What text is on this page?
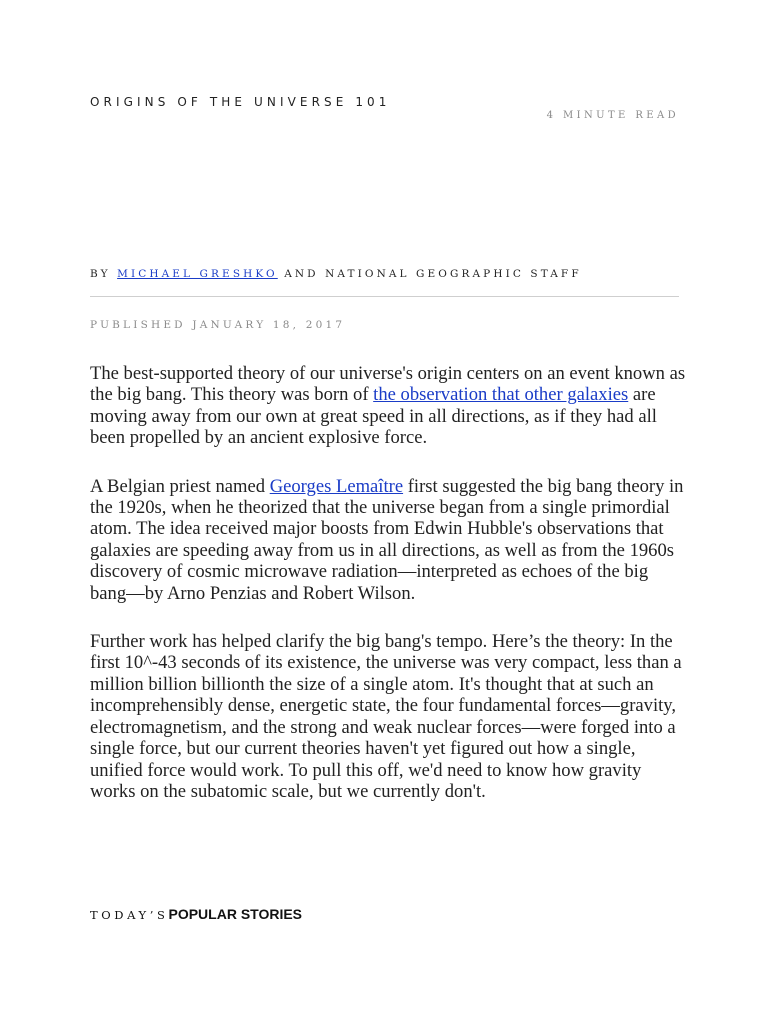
ORIGINS OF THE UNIVERSE 101
4 MINUTE READ
BY MICHAEL GRESHKO AND NATIONAL GEOGRAPHIC STAFF
PUBLISHED JANUARY 18, 2017

The best-supported theory of our universe's origin centers on an event known as the big bang. This theory was born of the observation that other galaxies are moving away from our own at great speed in all directions, as if they had all been propelled by an ancient explosive force.

A Belgian priest named Georges Lemaître first suggested the big bang theory in the 1920s, when he theorized that the universe began from a single primordial atom. The idea received major boosts from Edwin Hubble's observations that galaxies are speeding away from us in all directions, as well as from the 1960s discovery of cosmic microwave radiation—interpreted as echoes of the big bang—by Arno Penzias and Robert Wilson.

Further work has helped clarify the big bang's tempo. Here’s the theory: In the first 10^-43 seconds of its existence, the universe was very compact, less than a million billion billionth the size of a single atom. It's thought that at such an incomprehensibly dense, energetic state, the four fundamental forces—gravity, electromagnetism, and the strong and weak nuclear forces—were forged into a single force, but our current theories haven't yet figured out how a single, unified force would work. To pull this off, we'd need to know how gravity works on the subatomic scale, but we currently don't.

TODAY’SPOPULAR STORIES
